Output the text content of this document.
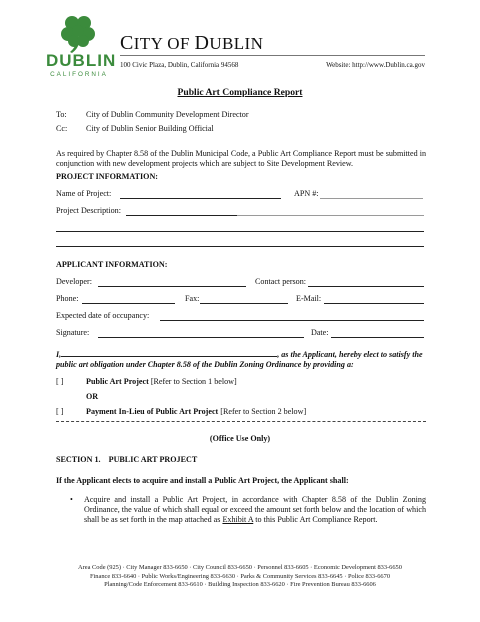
DUBLIN
CALIFORNIA
CITY OF DUBLIN
100 Civic Plaza, Dublin, California 94568	Website: http://www.Dublin.ca.gov
Public Art Compliance Report
To: City of Dublin Community Development Director
Cc: City of Dublin Senior Building Official
As required by Chapter 8.58 of the Dublin Municipal Code, a Public Art Compliance Report must be submitted in conjunction with new development projects which are subject to Site Development Review.
PROJECT INFORMATION:
Name of Project:	APN #:
Project Description:
APPLICANT INFORMATION:
Developer:	Contact person:
Phone:	Fax:	E-Mail:
Expected date of occupancy:
Signature:	Date:
I,	, as the Applicant, hereby elect to satisfy the public art obligation under Chapter 8.58 of the Dublin Zoning Ordinance by providing a:
[ ]	Public Art Project [Refer to Section 1 below]
OR
[ ]	Payment In-Lieu of Public Art Project [Refer to Section 2 below]
(Office Use Only)
SECTION 1.    PUBLIC ART PROJECT
If the Applicant elects to acquire and install a Public Art Project, the Applicant shall:
• Acquire and install a Public Art Project, in accordance with Chapter 8.58 of the Dublin Zoning Ordinance, the value of which shall equal or exceed the amount set forth below and the location of which shall be as set forth in the map attached as Exhibit A to this Public Art Compliance Report.
Area Code (925) · City Manager 833-6650 · City Council 833-6650 · Personnel 833-6605 · Economic Development 833-6650
Finance 833-6640 · Public Works/Engineering 833-6630 · Parks & Community Services 833-6645 · Police 833-6670
Planning/Code Enforcement 833-6610 · Building Inspection 833-6620 · Fire Prevention Bureau 833-6606
